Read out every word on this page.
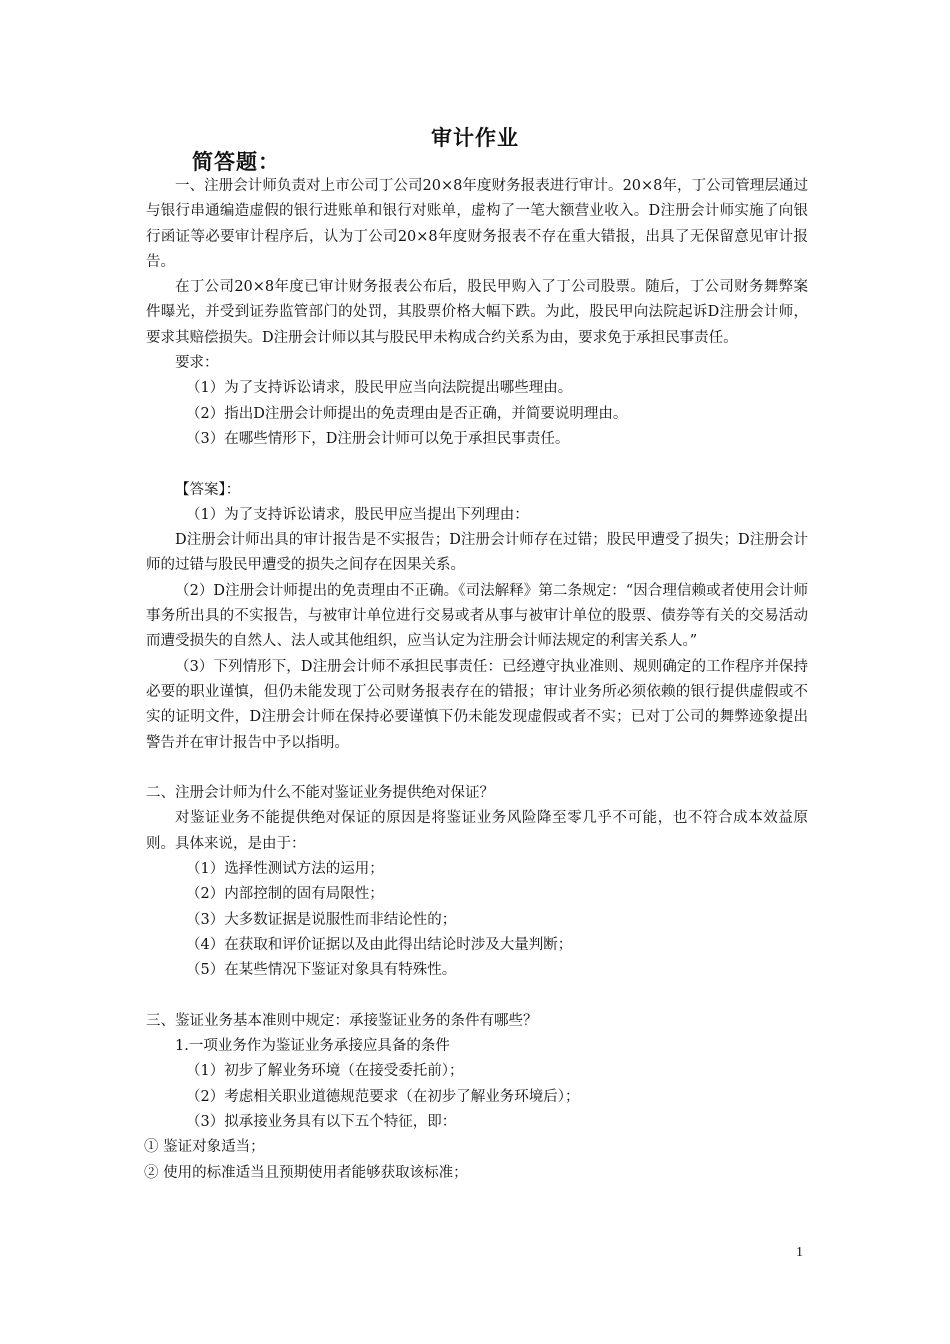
审计作业
简答题：

一、注册会计师负责对上市公司丁公司20×8年度财务报表进行审计。20×8年，丁公司管理层通过与银行串通编造虚假的银行进账单和银行对账单，虚构了一笔大额营业收入。D注册会计师实施了向银行函证等必要审计程序后，认为丁公司20×8年度财务报表不存在重大错报，出具了无保留意见审计报告。

在丁公司20×8年度已审计财务报表公布后，股民甲购入了丁公司股票。随后，丁公司财务舞弊案件曝光，并受到证券监管部门的处罚，其股票价格大幅下跌。为此，股民甲向法院起诉D注册会计师，要求其赔偿损失。D注册会计师以其与股民甲未构成合约关系为由，要求免于承担民事责任。

要求：

（1）为了支持诉讼请求，股民甲应当向法院提出哪些理由。

（2）指出D注册会计师提出的免责理由是否正确，并简要说明理由。

（3）在哪些情形下，D注册会计师可以免于承担民事责任。

【答案】：

（1）为了支持诉讼请求，股民甲应当提出下列理由：

D注册会计师出具的审计报告是不实报告；D注册会计师存在过错；股民甲遭受了损失；D注册会计师的过错与股民甲遭受的损失之间存在因果关系。

（2）D注册会计师提出的免责理由不正确。《司法解释》第二条规定：“因合理信赖或者使用会计师事务所出具的不实报告，与被审计单位进行交易或者从事与被审计单位的股票、债券等有关的交易活动而遭受损失的自然人、法人或其他组织，应当认定为注册会计师法规定的利害关系人。”

（3）下列情形下，D注册会计师不承担民事责任：已经遵守执业准则、规则确定的工作程序并保持必要的职业谨慎，但仍未能发现丁公司财务报表存在的错报；审计业务所必须依赖的银行提供虚假或不实的证明文件，D注册会计师在保持必要谨慎下仍未能发现虚假或者不实；已对丁公司的舞弊迹象提出警告并在审计报告中予以指明。

二、注册会计师为什么不能对鉴证业务提供绝对保证？

对鉴证业务不能提供绝对保证的原因是将鉴证业务风险降至零几乎不可能，也不符合成本效益原则。具体来说，是由于：

（1）选择性测试方法的运用；

（2）内部控制的固有局限性；

（3）大多数证据是说服性而非结论性的；

（4）在获取和评价证据以及由此得出结论时涉及大量判断；

（5）在某些情况下鉴证对象具有特殊性。

三、鉴证业务基本准则中规定：承接鉴证业务的条件有哪些？

1.一项业务作为鉴证业务承接应具备的条件

（1）初步了解业务环境（在接受委托前）；

（2）考虑相关职业道德规范要求（在初步了解业务环境后）；

（3）拟承接业务具有以下五个特征，即：

① 鉴证对象适当；

② 使用的标准适当且预期使用者能够获取该标准；

1
